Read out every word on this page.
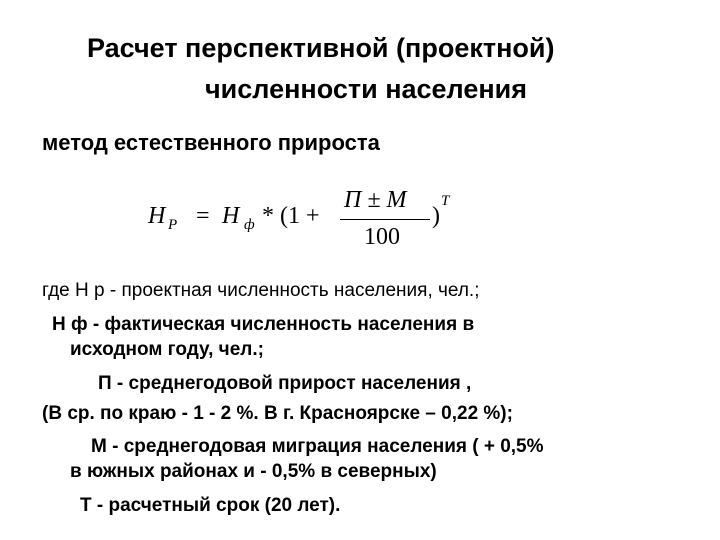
Расчет перспективной (проектной)
численности населения
метод естественного прироста
H P = H ф * (1 +
П ± M
100
)
T
где Н р - проектная численность населения, чел.;
Н ф - фактическая численность населения в
исходном году, чел.;
П - среднегодовой прирост населения ,
(В ср. по краю - 1 - 2 %. В г. Красноярске – 0,22 %);
М - среднегодовая миграция населения ( + 0,5%
в южных районах и - 0,5% в северных)
Т - расчетный срок (20 лет).
